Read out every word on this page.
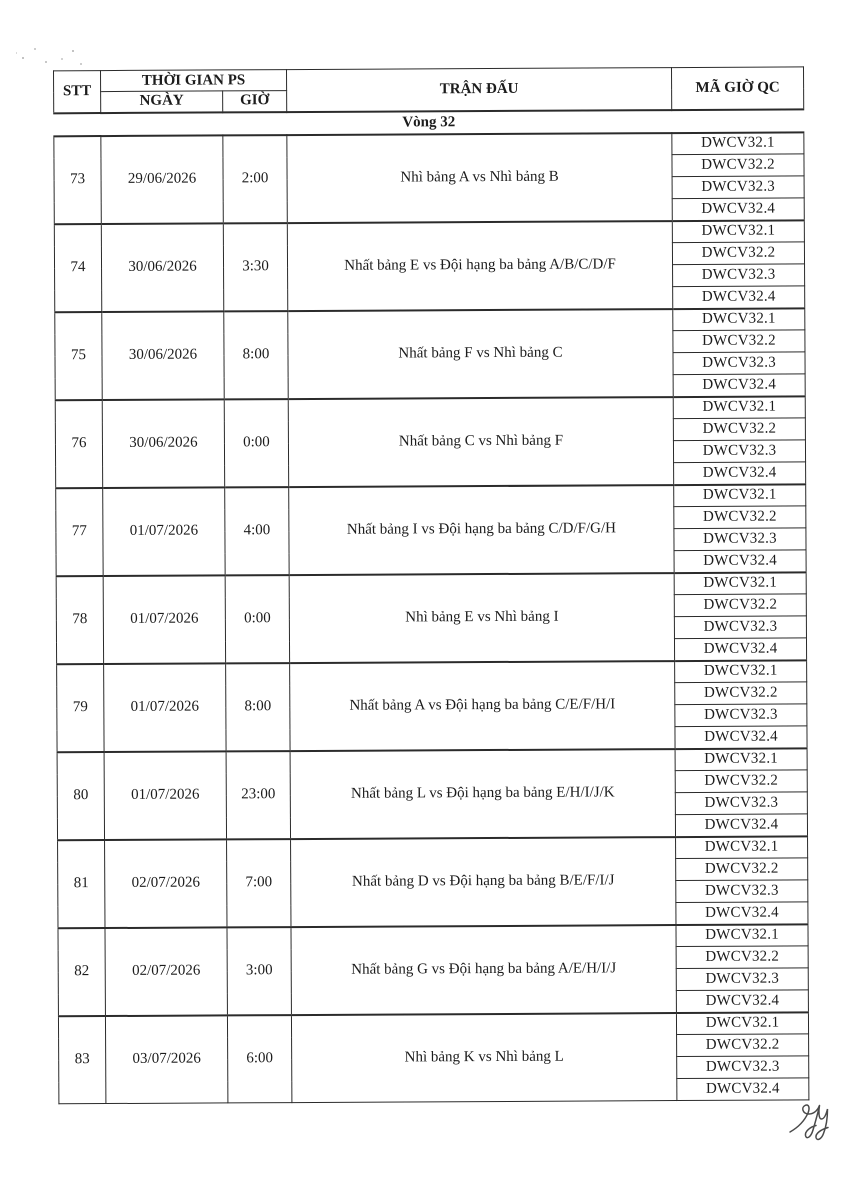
STT	THỜI GIAN PS		TRẬN ĐẤU	MÃ GIỜ QC
	NGÀY	GIỜ		
Vòng 32				
73	29/06/2026	2:00	Nhì bảng A vs Nhì bảng B	DWCV32.1
				DWCV32.2
				DWCV32.3
				DWCV32.4
74	30/06/2026	3:30	Nhất bảng E vs Đội hạng ba bảng A/B/C/D/F	DWCV32.1
				DWCV32.2
				DWCV32.3
				DWCV32.4
75	30/06/2026	8:00	Nhất bảng F vs Nhì bảng C	DWCV32.1
				DWCV32.2
				DWCV32.3
				DWCV32.4
76	30/06/2026	0:00	Nhất bảng C vs Nhì bảng F	DWCV32.1
				DWCV32.2
				DWCV32.3
				DWCV32.4
77	01/07/2026	4:00	Nhất bảng I vs Đội hạng ba bảng C/D/F/G/H	DWCV32.1
				DWCV32.2
				DWCV32.3
				DWCV32.4
78	01/07/2026	0:00	Nhì bảng E vs Nhì bảng I	DWCV32.1
				DWCV32.2
				DWCV32.3
				DWCV32.4
79	01/07/2026	8:00	Nhất bảng A vs Đội hạng ba bảng C/E/F/H/I	DWCV32.1
				DWCV32.2
				DWCV32.3
				DWCV32.4
80	01/07/2026	23:00	Nhất bảng L vs Đội hạng ba bảng E/H/I/J/K	DWCV32.1
				DWCV32.2
				DWCV32.3
				DWCV32.4
81	02/07/2026	7:00	Nhất bảng D vs Đội hạng ba bảng B/E/F/I/J	DWCV32.1
				DWCV32.2
				DWCV32.3
				DWCV32.4
82	02/07/2026	3:00	Nhất bảng G vs Đội hạng ba bảng A/E/H/I/J	DWCV32.1
				DWCV32.2
				DWCV32.3
				DWCV32.4
83	03/07/2026	6:00	Nhì bảng K vs Nhì bảng L	DWCV32.1
				DWCV32.2
				DWCV32.3
				DWCV32.4
